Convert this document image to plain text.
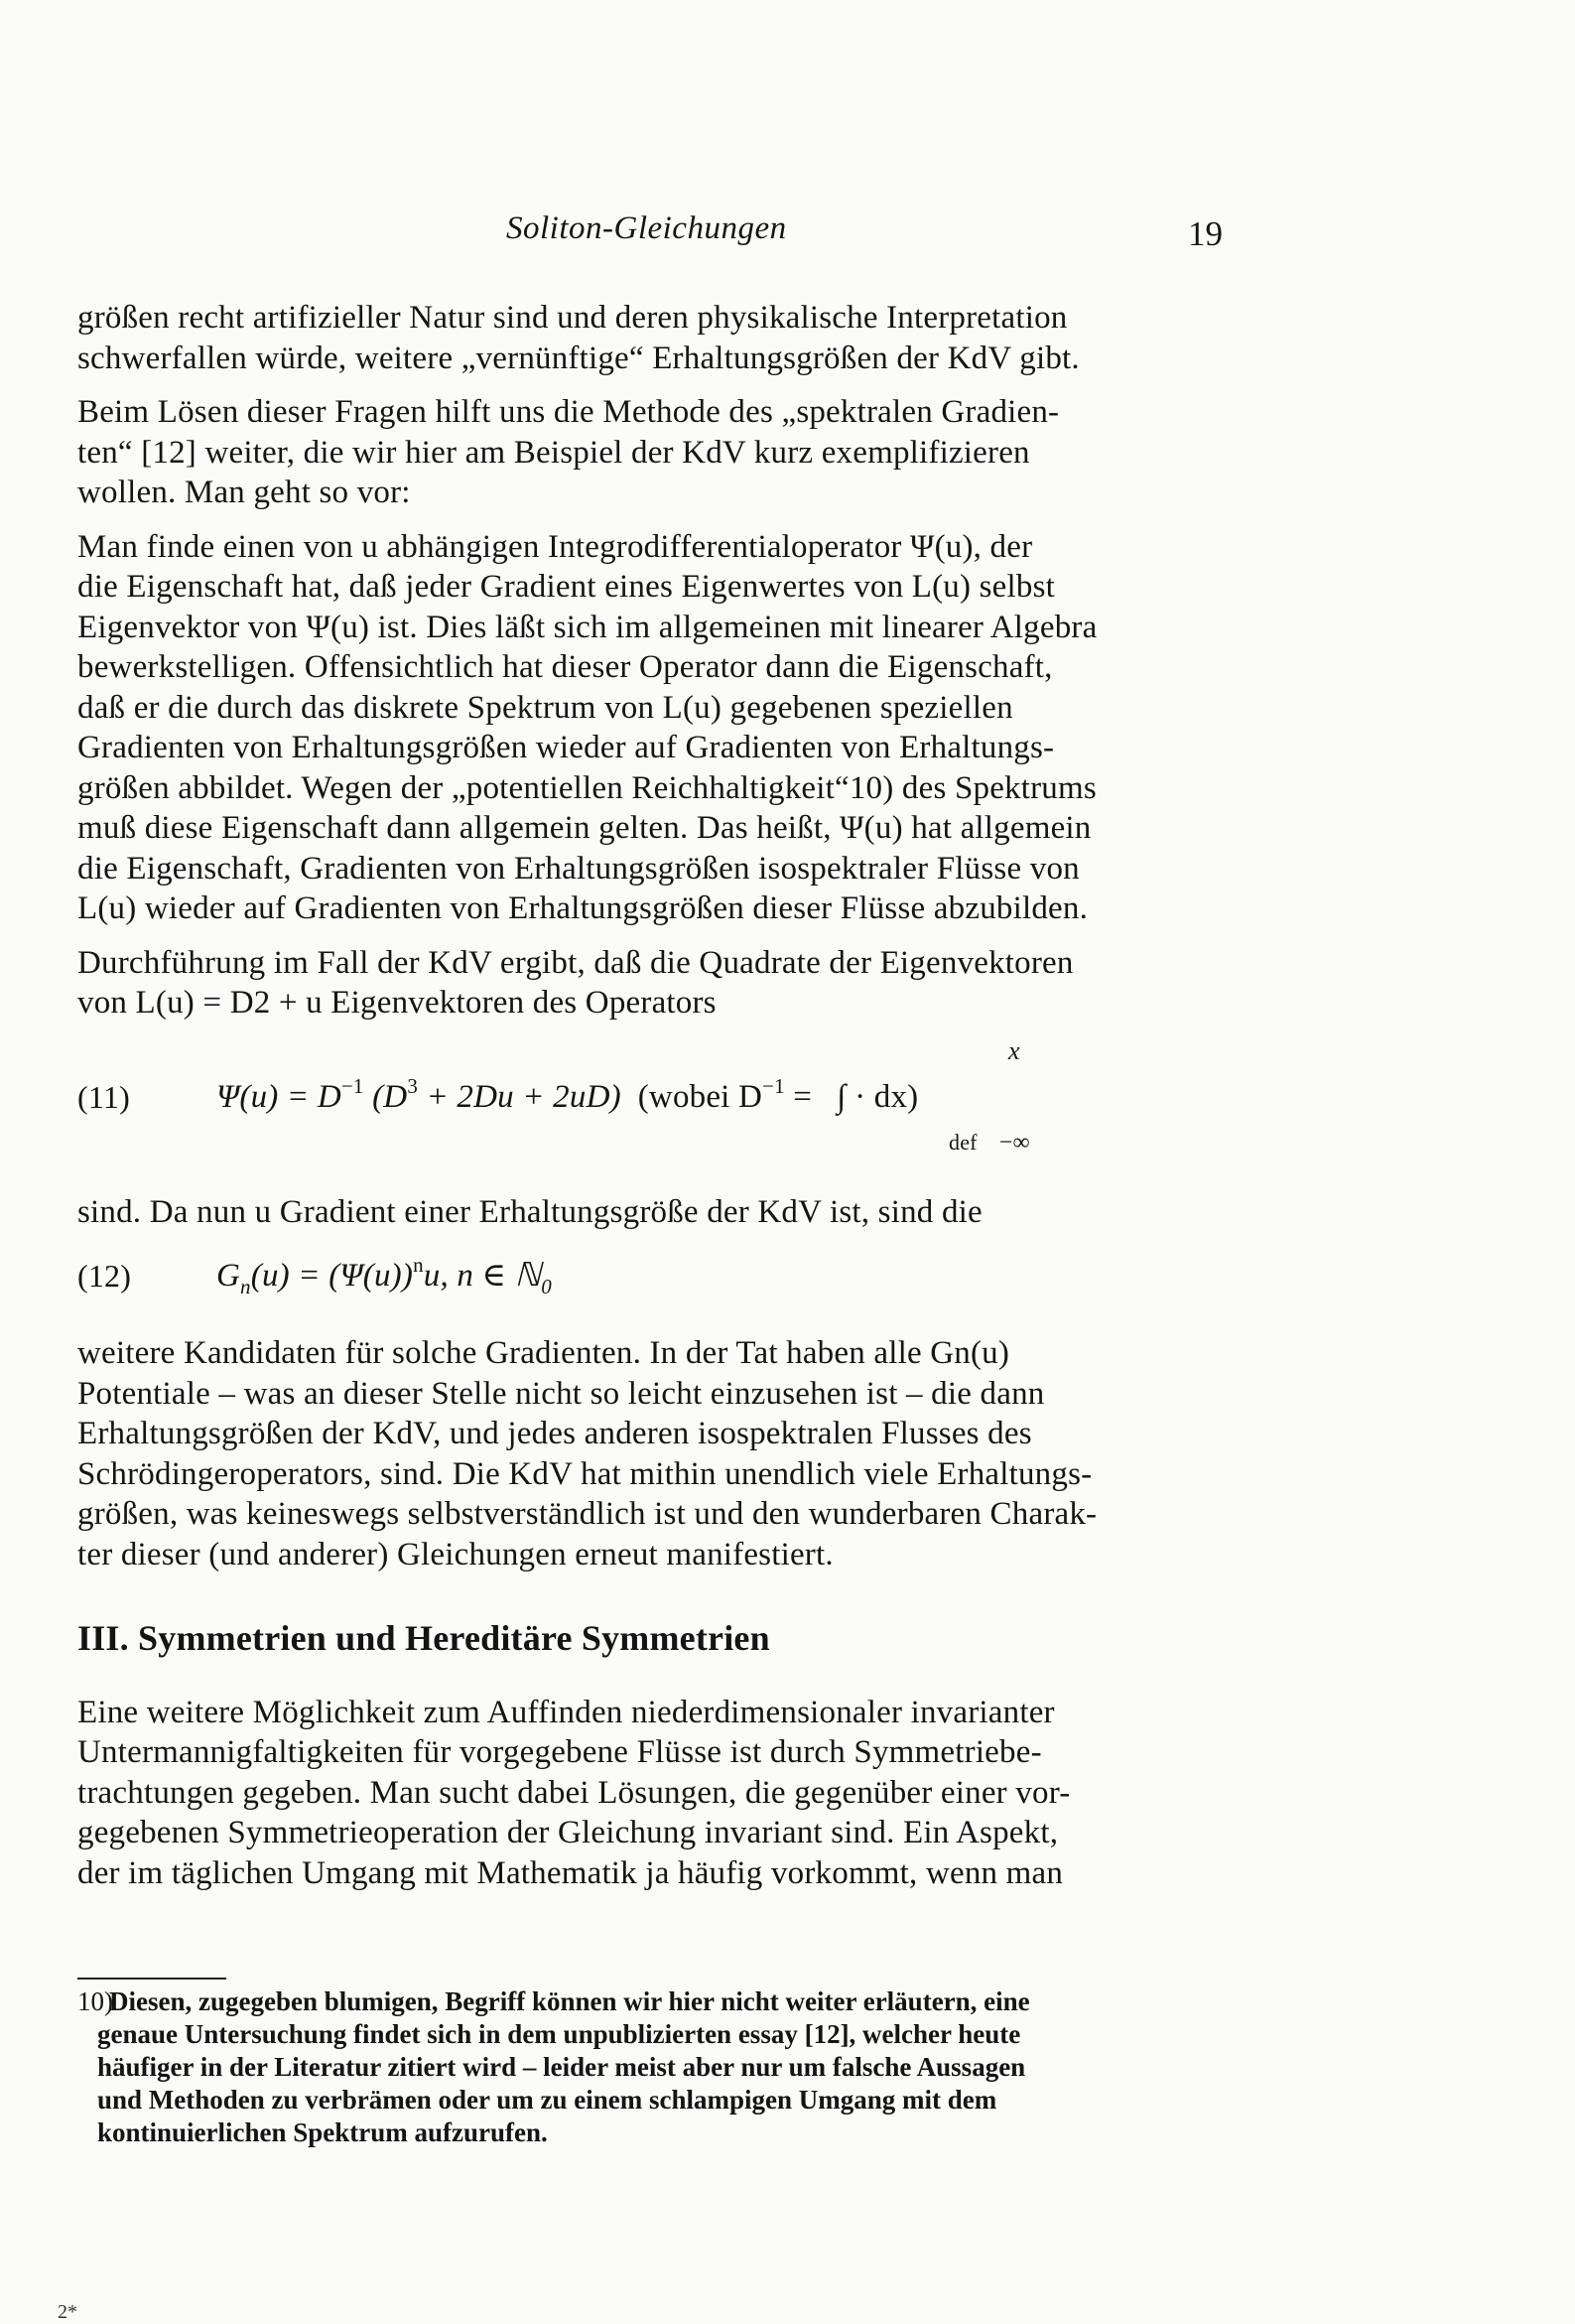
Soliton-Gleichungen	19
größen recht artifizieller Natur sind und deren physikalische Interpretation
schwerfallen würde, weitere „vernünftige“ Erhaltungsgrößen der KdV gibt.
Beim Lösen dieser Fragen hilft uns die Methode des „spektralen Gradien-
ten“ [12] weiter, die wir hier am Beispiel der KdV kurz exemplifizieren
wollen. Man geht so vor:
Man finde einen von u abhängigen Integrodifferentialoperator Ψ(u), der
die Eigenschaft hat, daß jeder Gradient eines Eigenwertes von L(u) selbst
Eigenvektor von Ψ(u) ist. Dies läßt sich im allgemeinen mit linearer Algebra
bewerkstelligen. Offensichtlich hat dieser Operator dann die Eigenschaft,
daß er die durch das diskrete Spektrum von L(u) gegebenen speziellen
Gradienten von Erhaltungsgrößen wieder auf Gradienten von Erhaltungs-
größen abbildet. Wegen der „potentiellen Reichhaltigkeit“10) des Spektrums
muß diese Eigenschaft dann allgemein gelten. Das heißt, Ψ(u) hat allgemein
die Eigenschaft, Gradienten von Erhaltungsgrößen isospektraler Flüsse von
L(u) wieder auf Gradienten von Erhaltungsgrößen dieser Flüsse abzubilden.
Durchführung im Fall der KdV ergibt, daß die Quadrate der Eigenvektoren
von L(u) = D2 + u Eigenvektoren des Operators
(11)
x
$\Psi(u) = D^{-1}$ $(D^3 + 2Du + 2uD)$ (wobei $D^{-1}$ =   ∫ · dx)
def −∞
sind. Da nun u Gradient einer Erhaltungsgröße der KdV ist, sind die
(12)	$G_n(u) = (\Psi(u))^nu$, n ∈ ℕ$_0$
weitere Kandidaten für solche Gradienten. In der Tat haben alle Gn(u)
Potentiale – was an dieser Stelle nicht so leicht einzusehen ist – die dann
Erhaltungsgrößen der KdV, und jedes anderen isospektralen Flusses des
Schrödingeroperators, sind. Die KdV hat mithin unendlich viele Erhaltungs-
größen, was keineswegs selbstverständlich ist und den wunderbaren Charak-
ter dieser (und anderer) Gleichungen erneut manifestiert.
III. Symmetrien und Hereditäre Symmetrien
Eine weitere Möglichkeit zum Auffinden niederdimensionaler invarianter
Untermannigfaltigkeiten für vorgegebene Flüsse ist durch Symmetriebe-
trachtungen gegeben. Man sucht dabei Lösungen, die gegenüber einer vor-
gegebenen Symmetrieoperation der Gleichung invariant sind. Ein Aspekt,
der im täglichen Umgang mit Mathematik ja häufig vorkommt, wenn man
10)Diesen, zugegeben blumigen, Begriff können wir hier nicht weiter erläutern, eine
genaue Untersuchung findet sich in dem unpublizierten essay [12], welcher heute
häufiger in der Literatur zitiert wird – leider meist aber nur um falsche Aussagen
und Methoden zu verbrämen oder um zu einem schlampigen Umgang mit dem
kontinuierlichen Spektrum aufzurufen.
2*
